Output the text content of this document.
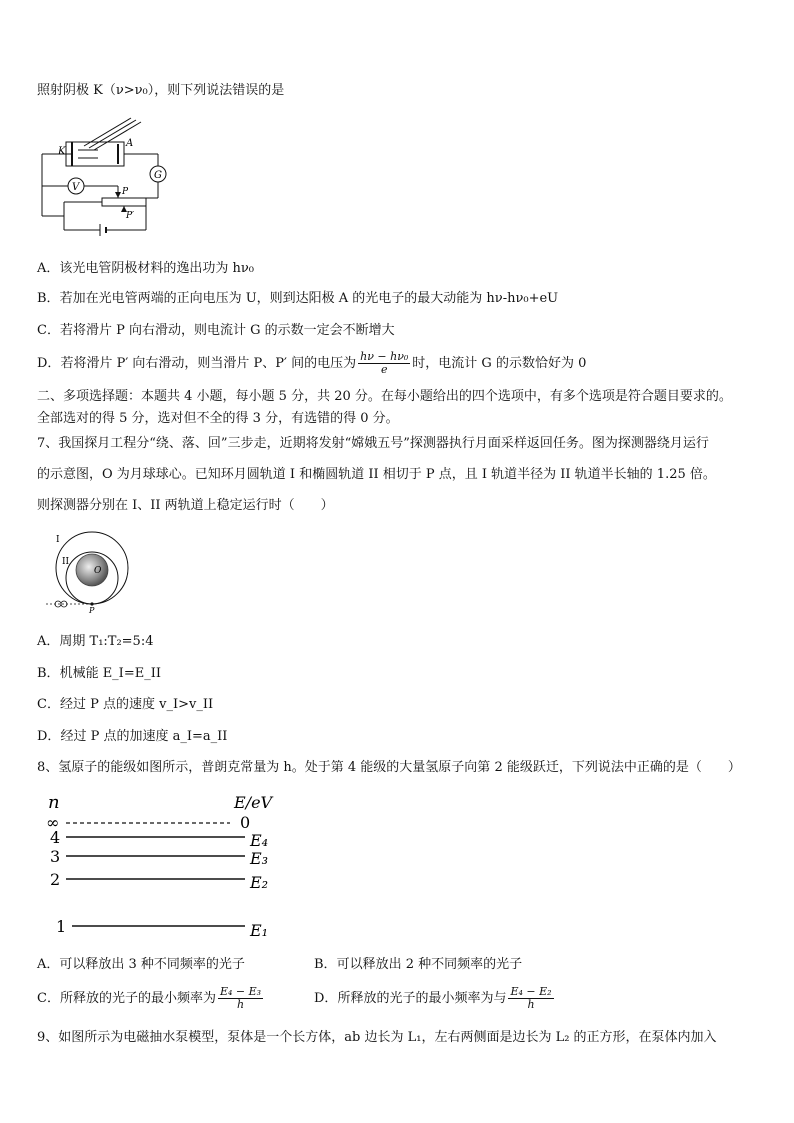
照射阴极 K（ν>ν₀），则下列说法错误的是
K
A
G
V	P
P′
A．该光电管阴极材料的逸出功为 hν₀
B．若加在光电管两端的正向电压为 U，则到达阳极 A 的光电子的最大动能为 hν-hν₀+eU
C．若将滑片 P 向右滑动，则电流计 G 的示数一定会不断增大
D．若将滑片 P′ 向右滑动，则当滑片 P、P′ 间的电压为 $\frac{\text{hν − hν₀}}{e}$ 时，电流计 G 的示数恰好为 0
二、多项选择题：本题共 4 小题，每小题 5 分，共 20 分。在每小题给出的四个选项中，有多个选项是符合题目要求的。
全部选对的得 5 分，选对但不全的得 3 分，有选错的得 0 分。
7、我国探月工程分“绕、落、回”三步走，近期将发射“嫦娥五号”探测器执行月面采样返回任务。图为探测器绕月运行
的示意图，O 为月球球心。已知环月圆轨道 I 和椭圆轨道 II 相切于 P 点，且 I 轨道半径为 II 轨道半长轴的 1.25 倍。
则探测器分别在 I、II 两轨道上稳定运行时（　　）
I
II
O
P
A．周期 T₁:T₂=5:4
B．机械能 E_I=E_II
C．经过 P 点的速度 v_I>v_II
D．经过 P 点的加速度 a_I=a_II
8、氢原子的能级如图所示，普朗克常量为 h。处于第 4 能级的大量氢原子向第 2 能级跃迁，下列说法中正确的是（　　）
n	E/eV
∞	0
4	E₄
3	E₃
2	E₂
1	E₁
A．可以释放出 3 种不同频率的光子	B．可以释放出 2 种不同频率的光子
C．所释放的光子的最小频率为 $\frac{\text{E₄ − E₃}}{h}$	D．所释放的光子的最小频率为与 $\frac{\text{E₄ − E₂}}{h}$
9、如图所示为电磁抽水泵模型，泵体是一个长方体，ab 边长为 L₁，左右两侧面是边长为 L₂ 的正方形，在泵体内加入
